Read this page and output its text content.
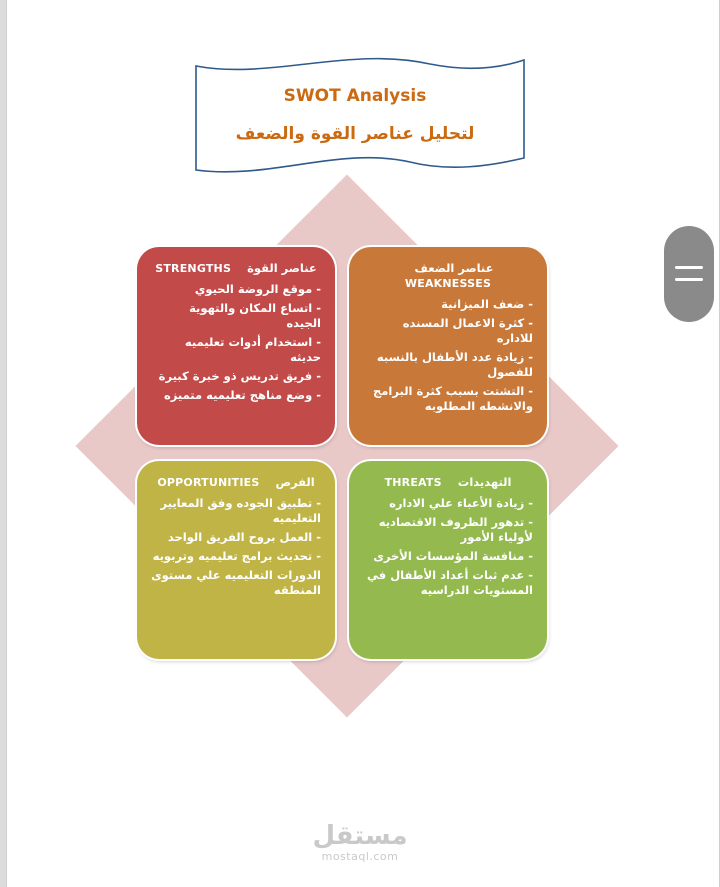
SWOT Analysis
لتحليل عناصر القوة والضعف
عناصر القوة    STRENGTHS
-موقع الروضة الحيوي
-اتساع المكان والتهوية الجيده
-استخدام أدوات تعليميه حديثه
-فريق تدريس ذو خبرة كبيرة
-وضع مناهج تعليميه متميزه
عناصر الضعف    WEAKNESSES
-ضعف الميزانية
-كثرة الاعمال المسنده للاداره
-زيادة عدد الأطفال بالنسبه للفصول
-التشتت بسبب كثرة البرامج والانشطه المطلوبه
الفرص    OPPORTUNITIES
-تطبيق الجوده وفق المعايير التعليميه
-العمل بروح الفريق الواحد
-تحديث برامج تعليميه وتربويه
الدورات التعليميه علي مستوى المنطقه
التهديدات    THREATS
-زيادة الأعباء علي الاداره
-تدهور الظروف الاقتصاديه لأولياء الأمور
-منافسة المؤسسات الأخرى
-عدم ثبات أعداد الأطفال في المستويات الدراسيه
مستقل
mostaql.com
